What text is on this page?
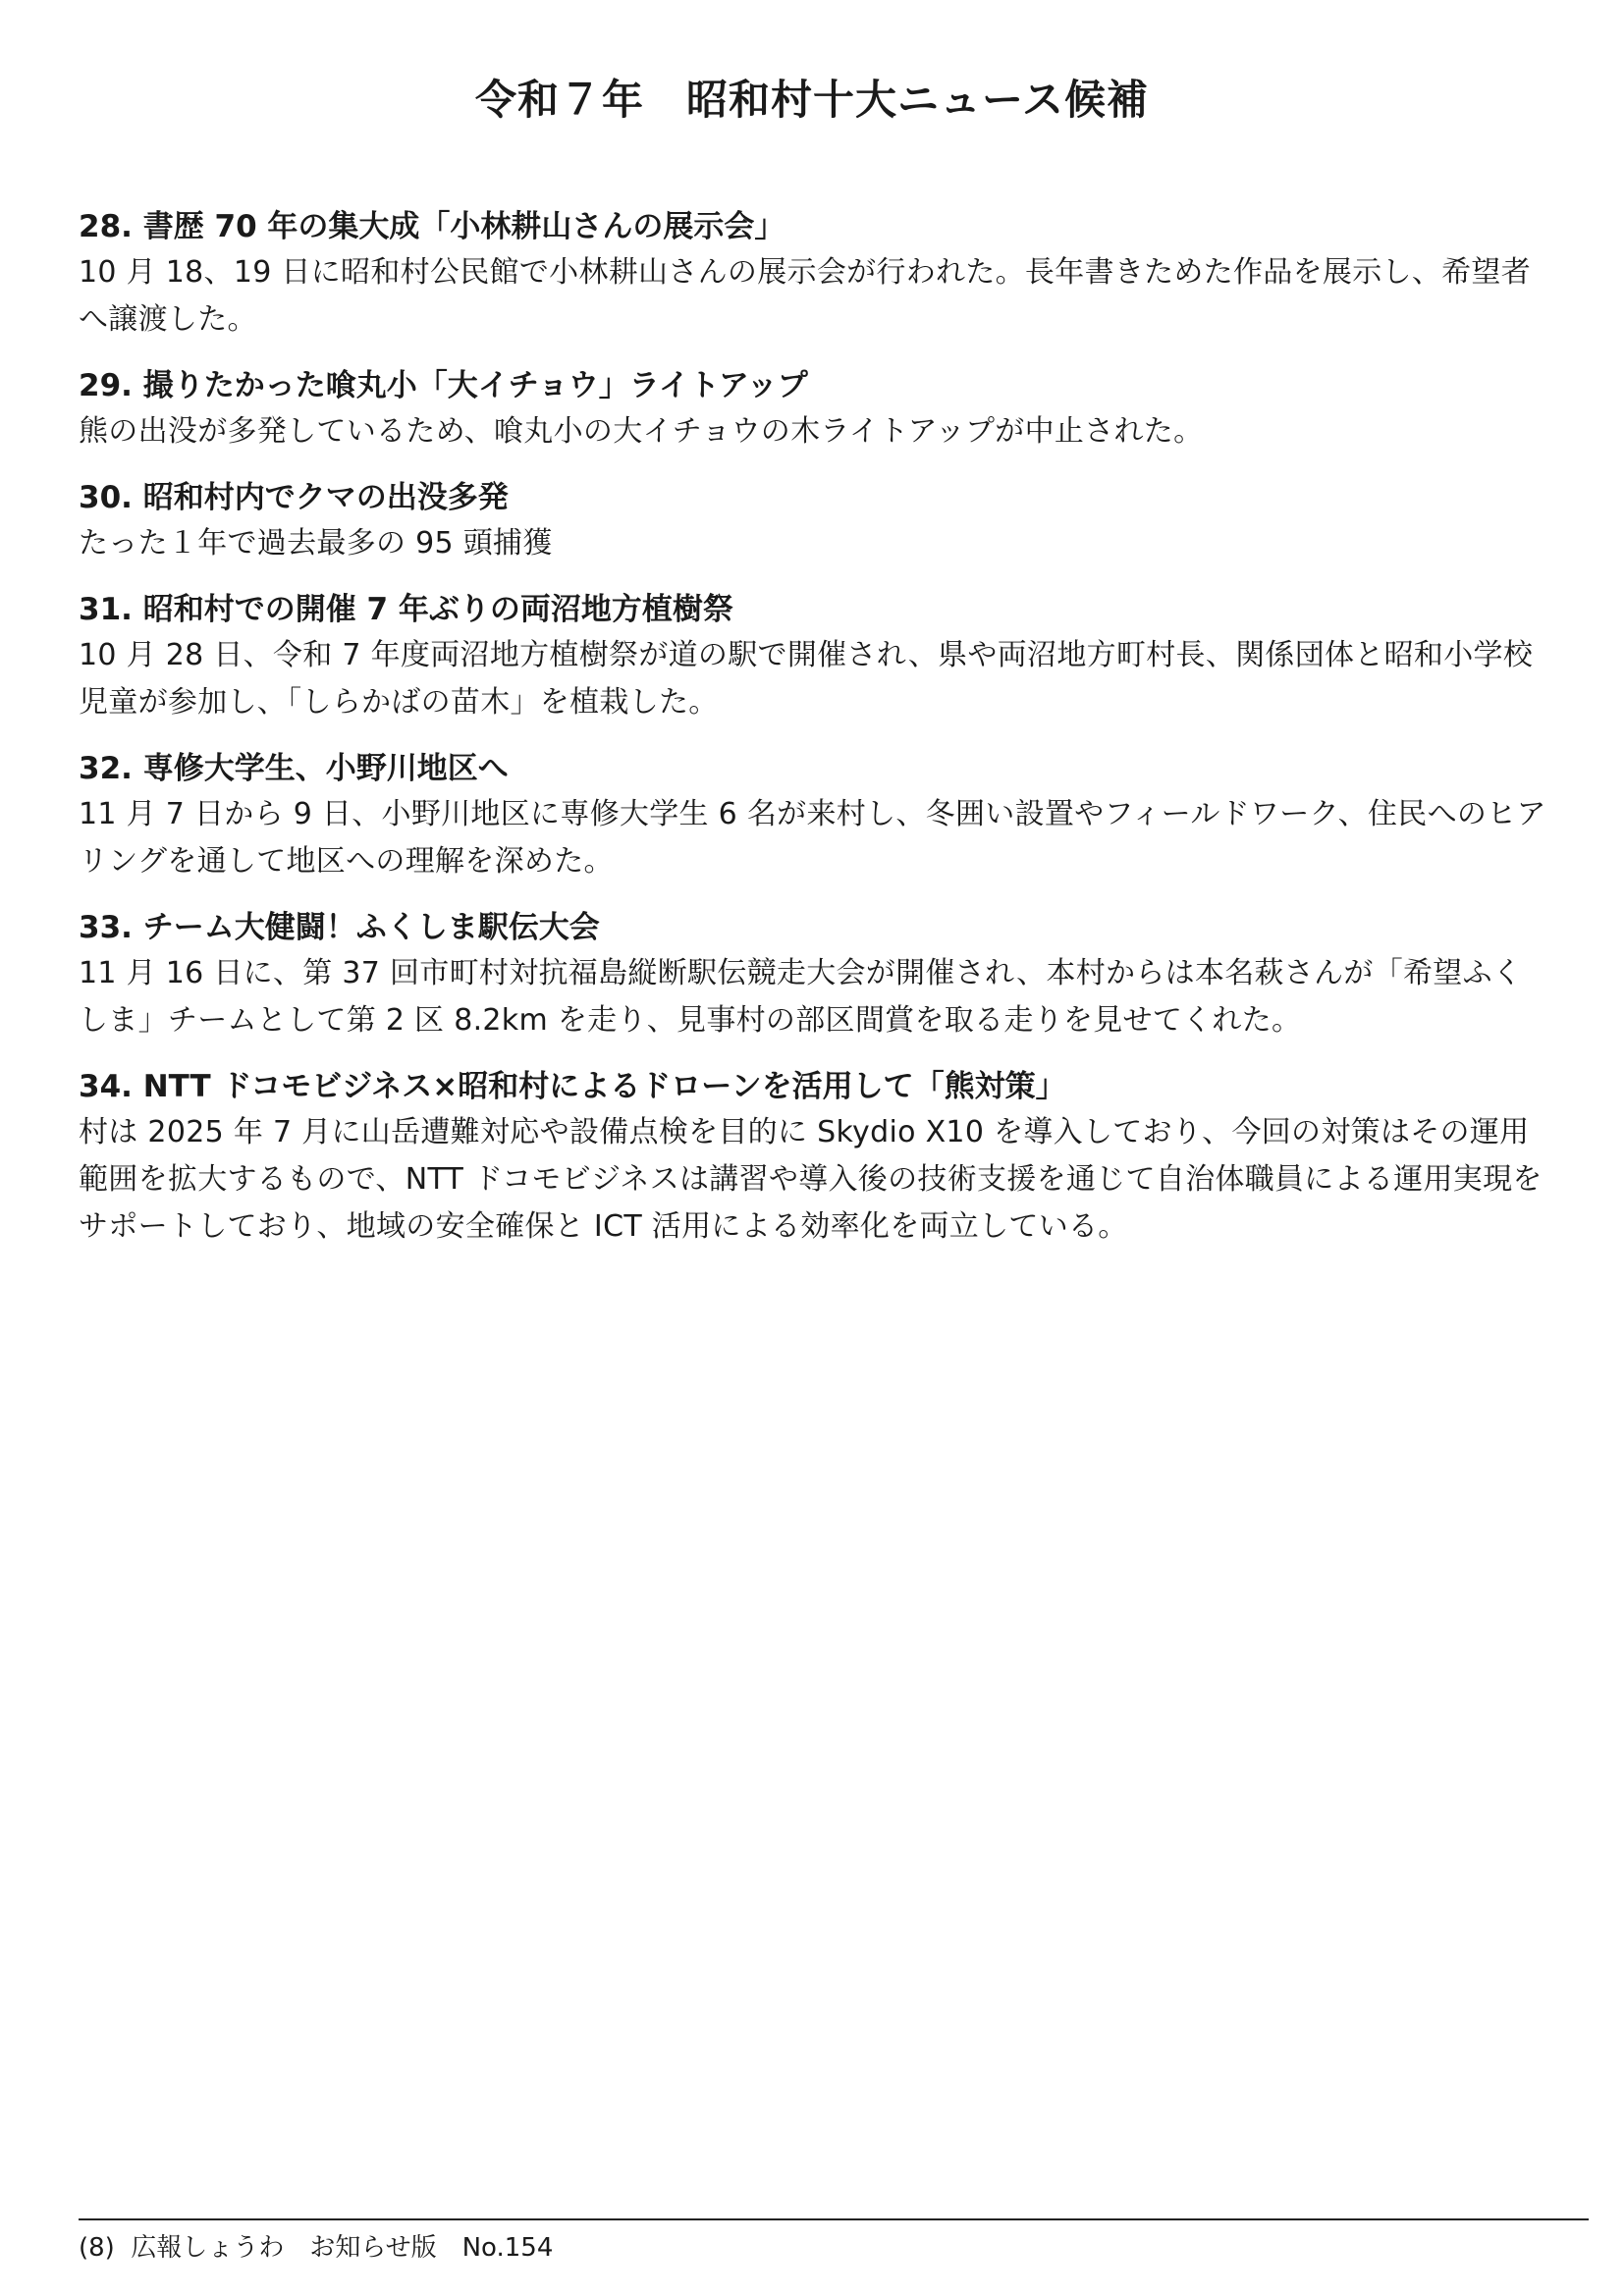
令和７年　昭和村十大ニュース候補

28. 書歴 70 年の集大成「小林耕山さんの展示会」

10 月 18、19 日に昭和村公民館で小林耕山さんの展示会が行われた。長年書きためた作品を展示し、希望者へ譲渡した。

29. 撮りたかった喰丸小「大イチョウ」ライトアップ

熊の出没が多発しているため、喰丸小の大イチョウの木ライトアップが中止された。

30. 昭和村内でクマの出没多発

たった１年で過去最多の 95 頭捕獲

31. 昭和村での開催 7 年ぶりの両沼地方植樹祭

10 月 28 日、令和 7 年度両沼地方植樹祭が道の駅で開催され、県や両沼地方町村長、関係団体と昭和小学校児童が参加し、「しらかばの苗木」を植栽した。

32. 専修大学生、小野川地区へ

11 月 7 日から 9 日、小野川地区に専修大学生 6 名が来村し、冬囲い設置やフィールドワーク、住民へのヒアリングを通して地区への理解を深めた。

33. チーム大健闘！ふくしま駅伝大会

11 月 16 日に、第 37 回市町村対抗福島縦断駅伝競走大会が開催され、本村からは本名萩さんが「希望ふくしま」チームとして第 2 区 8.2km を走り、見事村の部区間賞を取る走りを見せてくれた。

34. NTT ドコモビジネス×昭和村によるドローンを活用して「熊対策」

村は 2025 年 7 月に山岳遭難対応や設備点検を目的に Skydio X10 を導入しており、今回の対策はその運用範囲を拡大するもので、NTT ドコモビジネスは講習や導入後の技術支援を通じて自治体職員による運用実現をサポートしており、地域の安全確保と ICT 活用による効率化を両立している。

(8)  広報しょうわ　お知らせ版　No.154
